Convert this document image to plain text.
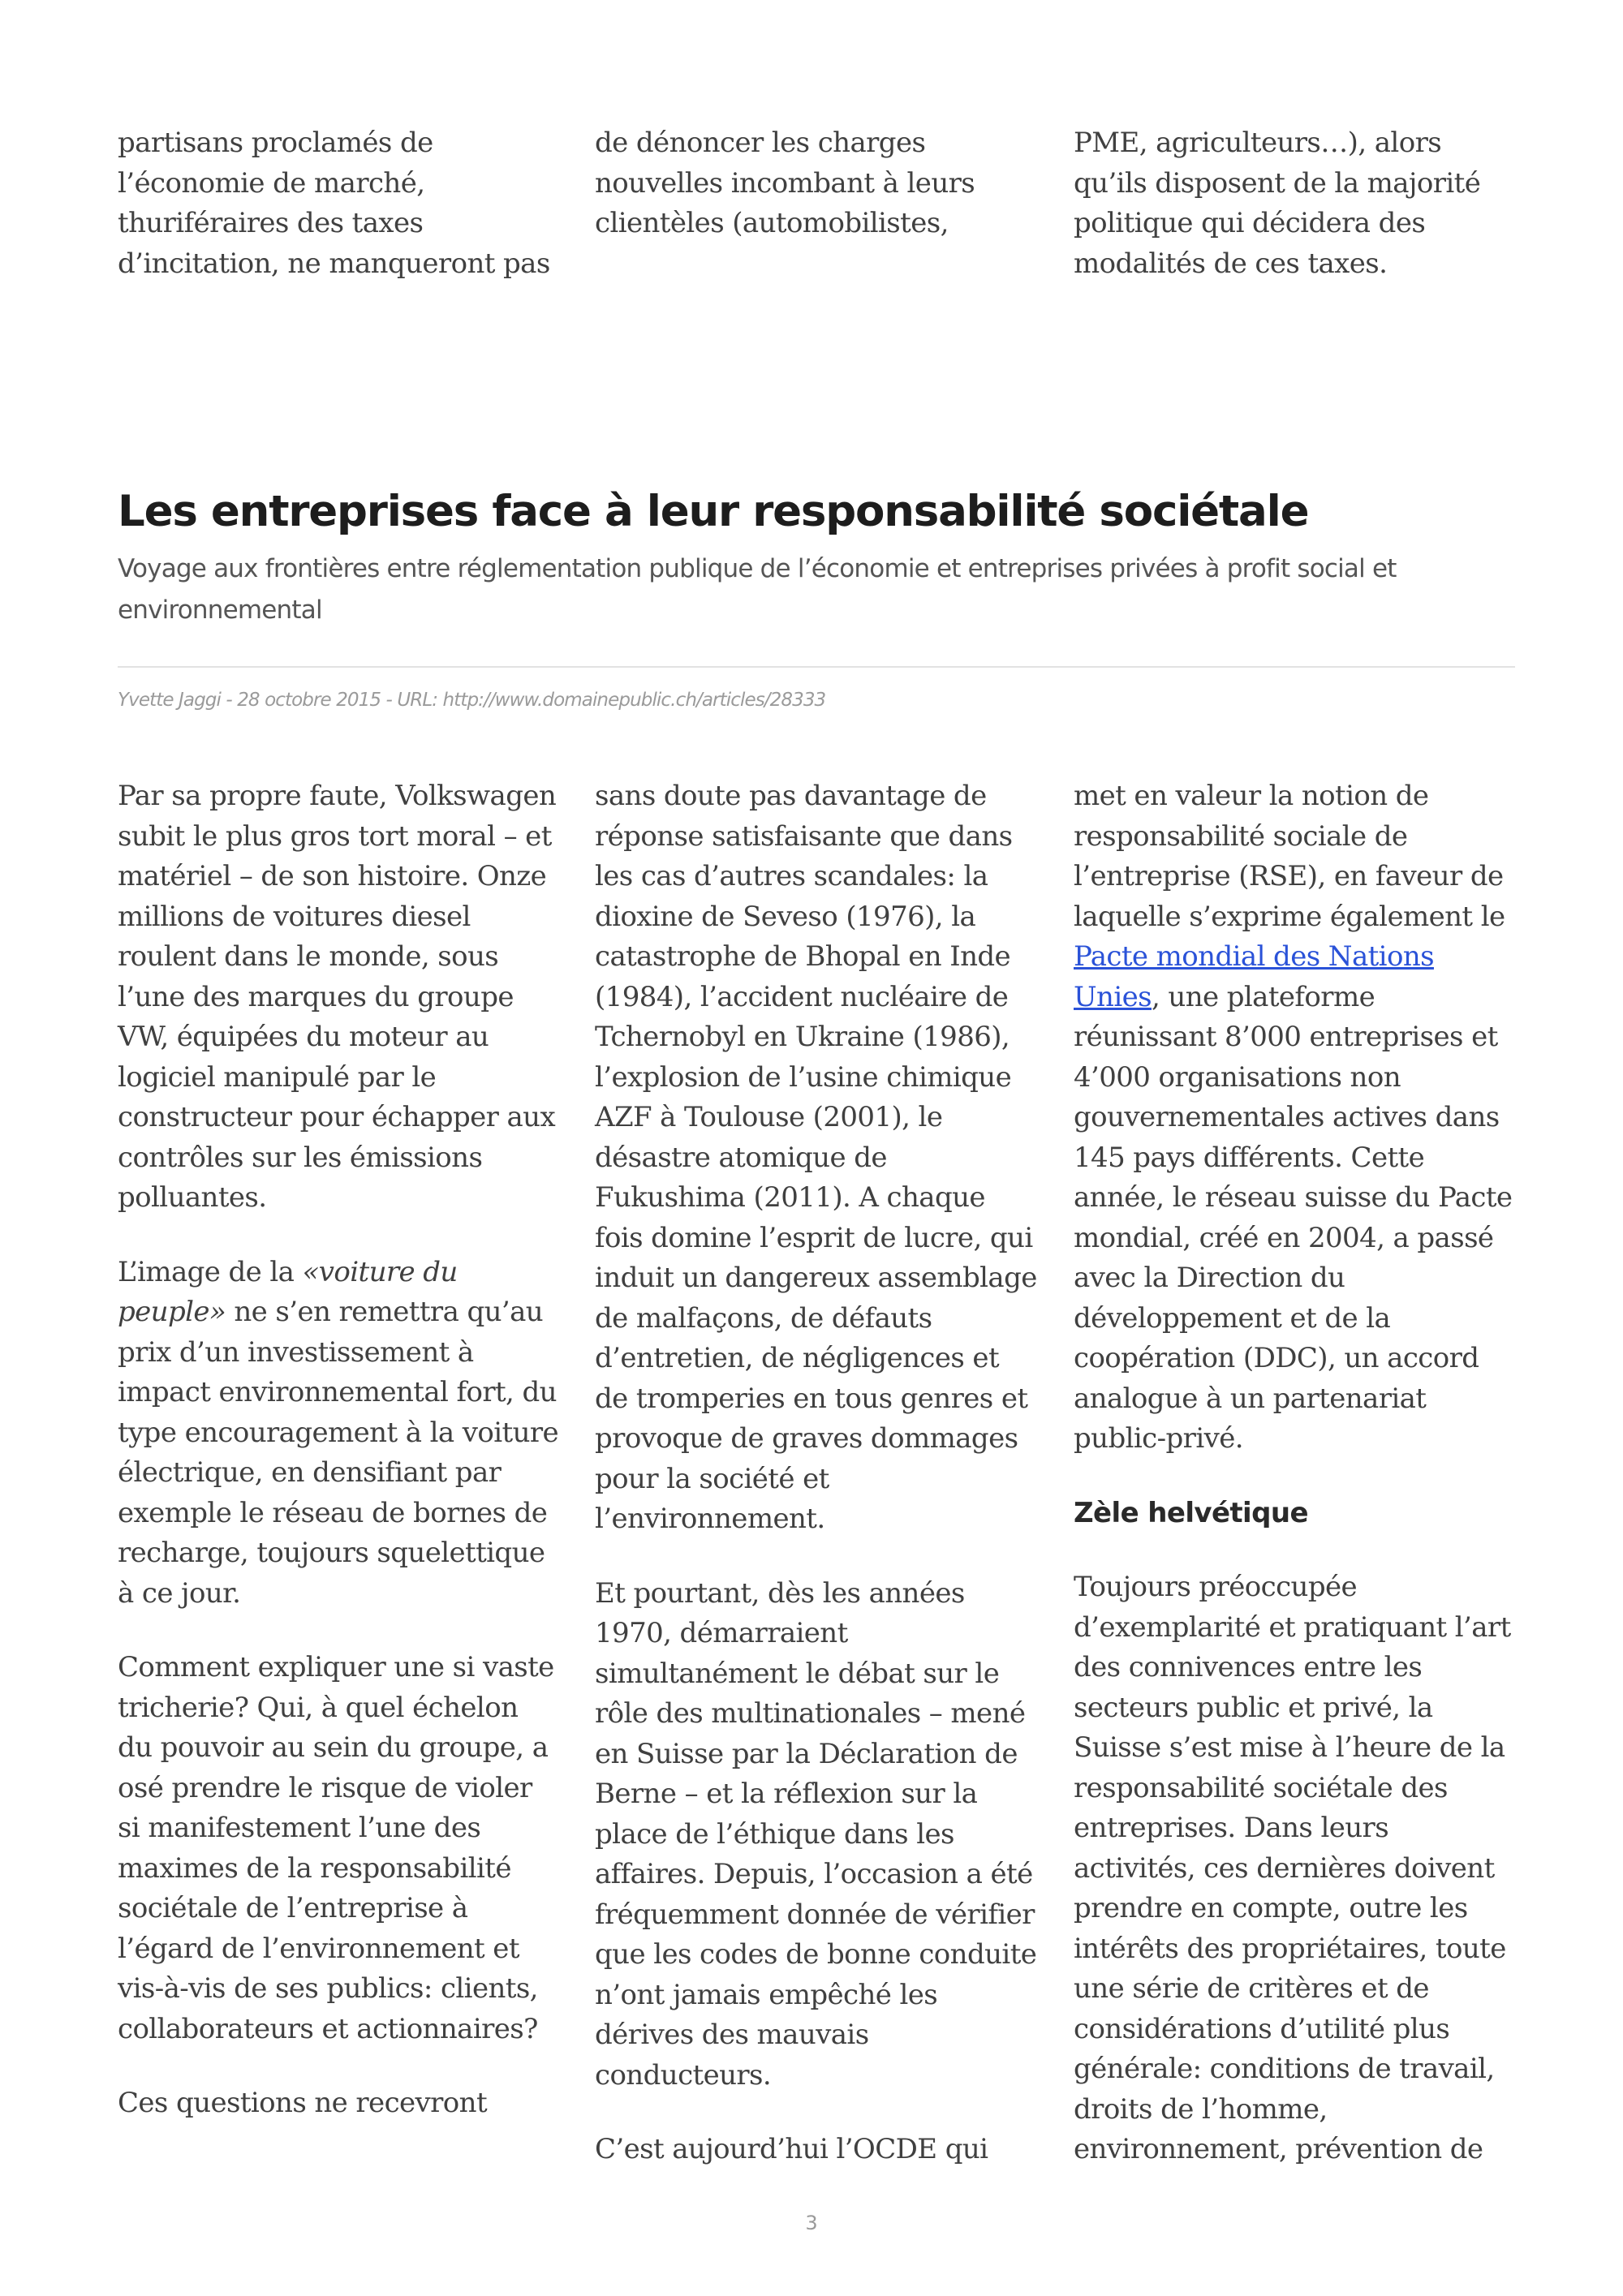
partisans proclamés de l’économie de marché, thuriféraires des taxes d’incitation, ne manqueront pas

de dénoncer les charges nouvelles incombant à leurs clientèles (automobilistes,

PME, agriculteurs…), alors qu’ils disposent de la majorité politique qui décidera des modalités de ces taxes.

Les entreprises face à leur responsabilité sociétale

Voyage aux frontières entre réglementation publique de l’économie et entreprises privées à profit social et environnemental

Yvette Jaggi - 28 octobre 2015 - URL: http://www.domainepublic.ch/articles/28333

Par sa propre faute, Volkswagen subit le plus gros tort moral – et matériel – de son histoire. Onze millions de voitures diesel roulent dans le monde, sous l’une des marques du groupe VW, équipées du moteur au logiciel manipulé par le constructeur pour échapper aux contrôles sur les émissions polluantes.

L’image de la «voiture du peuple» ne s’en remettra qu’au prix d’un investissement à impact environnemental fort, du type encouragement à la voiture électrique, en densifiant par exemple le réseau de bornes de recharge, toujours squelettique à ce jour.

Comment expliquer une si vaste tricherie? Qui, à quel échelon du pouvoir au sein du groupe, a osé prendre le risque de violer si manifestement l’une des maximes de la responsabilité sociétale de l’entreprise à l’égard de l’environnement et vis-à-vis de ses publics: clients, collaborateurs et actionnaires?

Ces questions ne recevront

sans doute pas davantage de réponse satisfaisante que dans les cas d’autres scandales: la dioxine de Seveso (1976), la catastrophe de Bhopal en Inde (1984), l’accident nucléaire de Tchernobyl en Ukraine (1986), l’explosion de l’usine chimique AZF à Toulouse (2001), le désastre atomique de Fukushima (2011). A chaque fois domine l’esprit de lucre, qui induit un dangereux assemblage de malfaçons, de défauts d’entretien, de négligences et de tromperies en tous genres et provoque de graves dommages pour la société et l’environnement.

Et pourtant, dès les années 1970, démarraient simultanément le débat sur le rôle des multinationales – mené en Suisse par la Déclaration de Berne – et la réflexion sur la place de l’éthique dans les affaires. Depuis, l’occasion a été fréquemment donnée de vérifier que les codes de bonne conduite n’ont jamais empêché les dérives des mauvais conducteurs.

C’est aujourd’hui l’OCDE qui

met en valeur la notion de responsabilité sociale de l’entreprise (RSE), en faveur de laquelle s’exprime également le Pacte mondial des Nations Unies, une plateforme réunissant 8’000 entreprises et 4’000 organisations non gouvernementales actives dans 145 pays différents. Cette année, le réseau suisse du Pacte mondial, créé en 2004, a passé avec la Direction du développement et de la coopération (DDC), un accord analogue à un partenariat public-privé.

Zèle helvétique

Toujours préoccupée d’exemplarité et pratiquant l’art des connivences entre les secteurs public et privé, la Suisse s’est mise à l’heure de la responsabilité sociétale des entreprises. Dans leurs activités, ces dernières doivent prendre en compte, outre les intérêts des propriétaires, toute une série de critères et de considérations d’utilité plus générale: conditions de travail, droits de l’homme, environnement, prévention de

3
